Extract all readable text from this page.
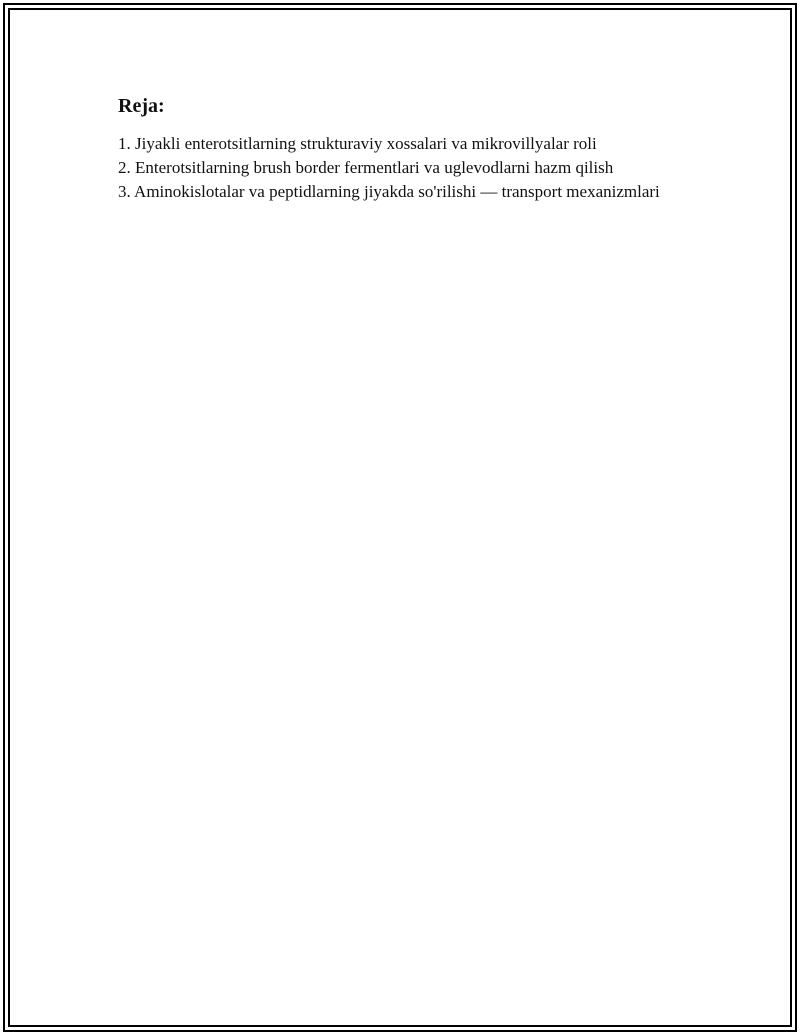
Reja:
1. Jiyakli enterotsitlarning strukturaviy xossalari va mikrovillyalar roli
2. Enterotsitlarning brush border fermentlari va uglevodlarni hazm qilish
3. Aminokislotalar va peptidlarning jiyakda so'rilishi — transport mexanizmlari
